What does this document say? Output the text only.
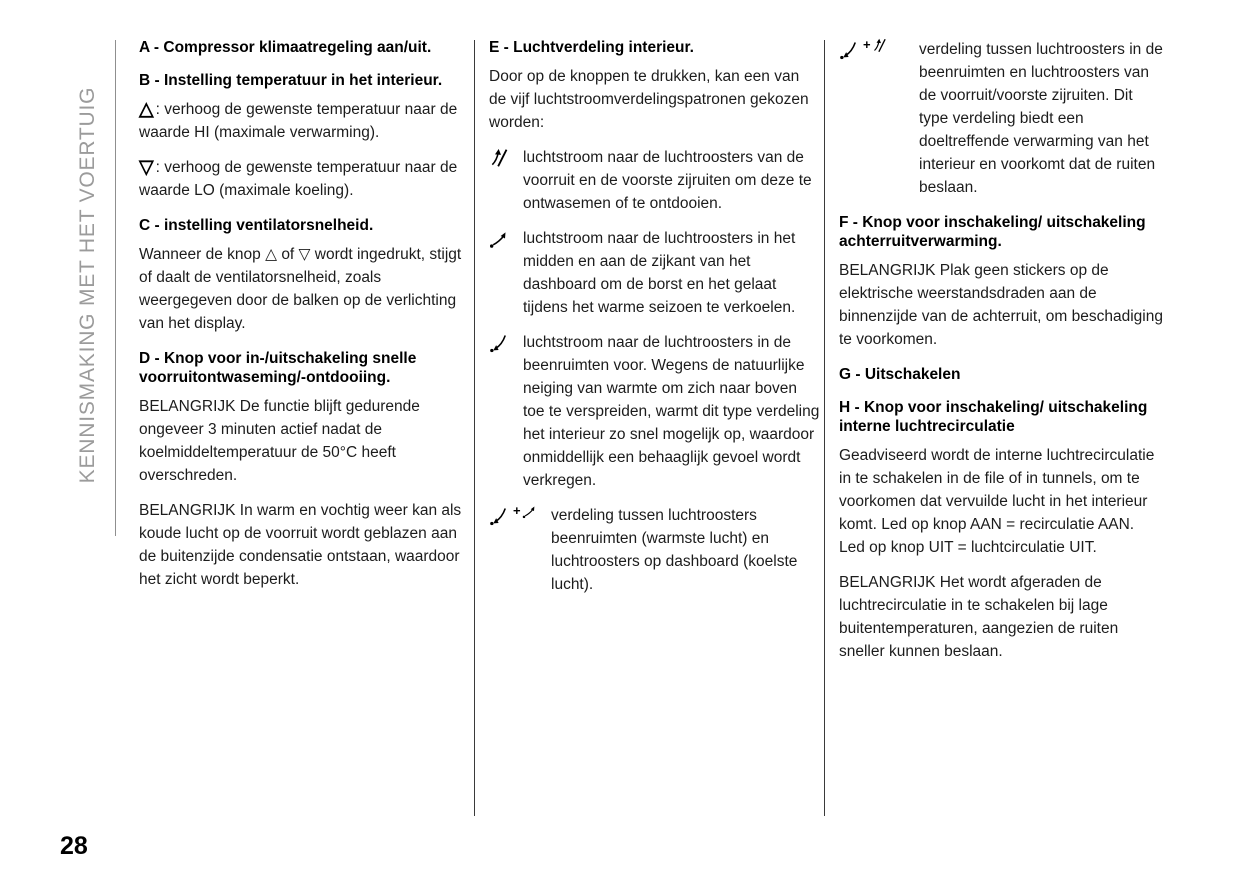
KENNISMAKING MET HET VOERTUIG

A - Compressor klimaatregeling aan/uit.

B - Instelling temperatuur in het interieur.

△ : verhoog de gewenste temperatuur naar de waarde HI (maximale verwarming).

▽ : verhoog de gewenste temperatuur naar de waarde LO (maximale koeling).

C - instelling ventilatorsnelheid.

Wanneer de knop △ of ▽ wordt ingedrukt, stijgt of daalt de ventilatorsnelheid, zoals weergegeven door de balken op de verlichting van het display.

D - Knop voor in-/uitschakeling snelle voorruitontwaseming/-ontdooiing.

BELANGRIJK De functie blijft gedurende ongeveer 3 minuten actief nadat de koelmiddeltemperatuur de 50°C heeft overschreden.

BELANGRIJK In warm en vochtig weer kan als koude lucht op de voorruit wordt geblazen aan de buitenzijde condensatie ontstaan, waardoor het zicht wordt beperkt.

E - Luchtverdeling interieur.

Door op de knoppen te drukken, kan een van de vijf luchtstroomverdelingspatronen gekozen worden:

luchtstroom naar de luchtroosters van de voorruit en de voorste zijruiten om deze te ontwasemen of te ontdooien.
luchtstroom naar de luchtroosters in het midden en aan de zijkant van het dashboard om de borst en het gelaat tijdens het warme seizoen te verkoelen.
luchtstroom naar de luchtroosters in de beenruimten voor. Wegens de natuurlijke neiging van warmte om zich naar boven toe te verspreiden, warmt dit type verdeling het interieur zo snel mogelijk op, waardoor onmiddellijk een behaaglijk gevoel wordt verkregen.
+ verdeling tussen luchtroosters beenruimten (warmste lucht) en luchtroosters op dashboard (koelste lucht).
+	verdeling tussen luchtroosters in de beenruimten en luchtroosters van de voorruit/voorste zijruiten. Dit type verdeling biedt een doeltreffende verwarming van het interieur en voorkomt dat de ruiten beslaan.

F - Knop voor inschakeling/ uitschakeling achterruitverwarming.

BELANGRIJK Plak geen stickers op de elektrische weerstandsdraden aan de binnenzijde van de achterruit, om beschadiging te voorkomen.

G - Uitschakelen

H - Knop voor inschakeling/ uitschakeling interne luchtrecirculatie

Geadviseerd wordt de interne luchtrecirculatie in te schakelen in de file of in tunnels, om te voorkomen dat vervuilde lucht in het interieur komt. Led op knop AAN = recirculatie AAN. Led op knop UIT = luchtcirculatie UIT.

BELANGRIJK Het wordt afgeraden de luchtrecirculatie in te schakelen bij lage buitentemperaturen, aangezien de ruiten sneller kunnen beslaan.

28
